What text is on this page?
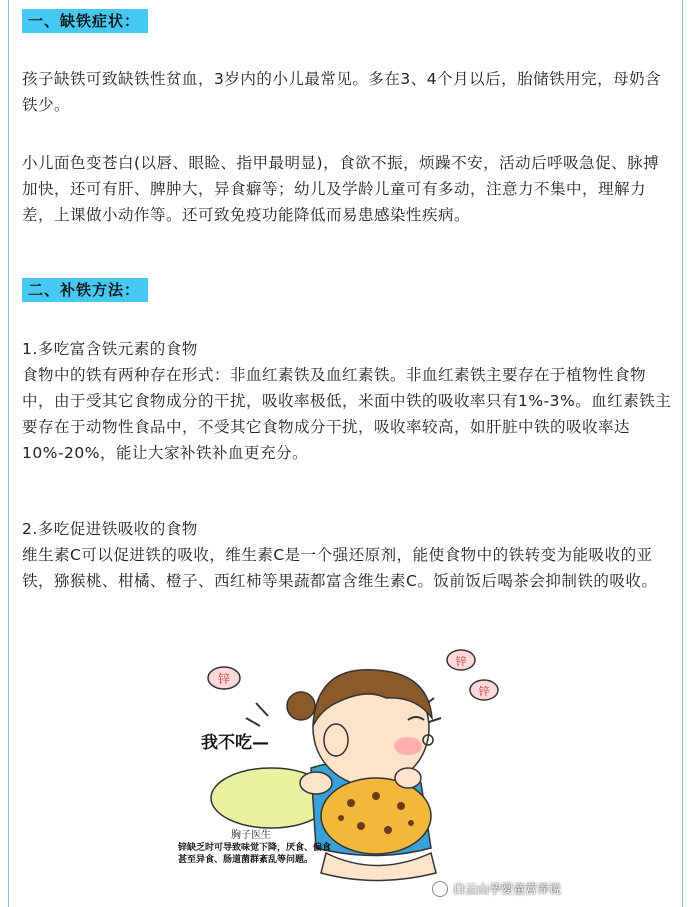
一、缺铁症状：
孩子缺铁可致缺铁性贫血，3岁内的小儿最常见。多在3、4个月以后，胎储铁用完，母奶含铁少。
小儿面色变苍白(以唇、眼睑、指甲最明显)，食欲不振，烦躁不安，活动后呼吸急促、脉搏加快，还可有肝、脾肿大，异食癖等；幼儿及学龄儿童可有多动，注意力不集中，理解力差，上课做小动作等。还可致免疫功能降低而易患感染性疾病。
二、补铁方法：
1.多吃富含铁元素的食物
食物中的铁有两种存在形式：非血红素铁及血红素铁。非血红素铁主要存在于植物性食物中，由于受其它食物成分的干扰，吸收率极低，米面中铁的吸收率只有1%-3%。血红素铁主要存在于动物性食品中，不受其它食物成分干扰，吸收率较高，如肝脏中铁的吸收率达10%-20%，能让大家补铁补血更充分。
2.多吃促进铁吸收的食物
维生素C可以促进铁的吸收，维生素C是一个强还原剂，能使食物中的铁转变为能吸收的亚铁，猕猴桃、柑橘、橙子、西红柿等果蔬都富含维生素C。饭前饭后喝茶会抑制铁的吸收。
锌
锌
锌
我不吃—
胸子医生
锌缺乏时可导致味觉下降，厌食、偏食甚至异食、肠道菌群紊乱等问题。
白云山孕婴童营养说
